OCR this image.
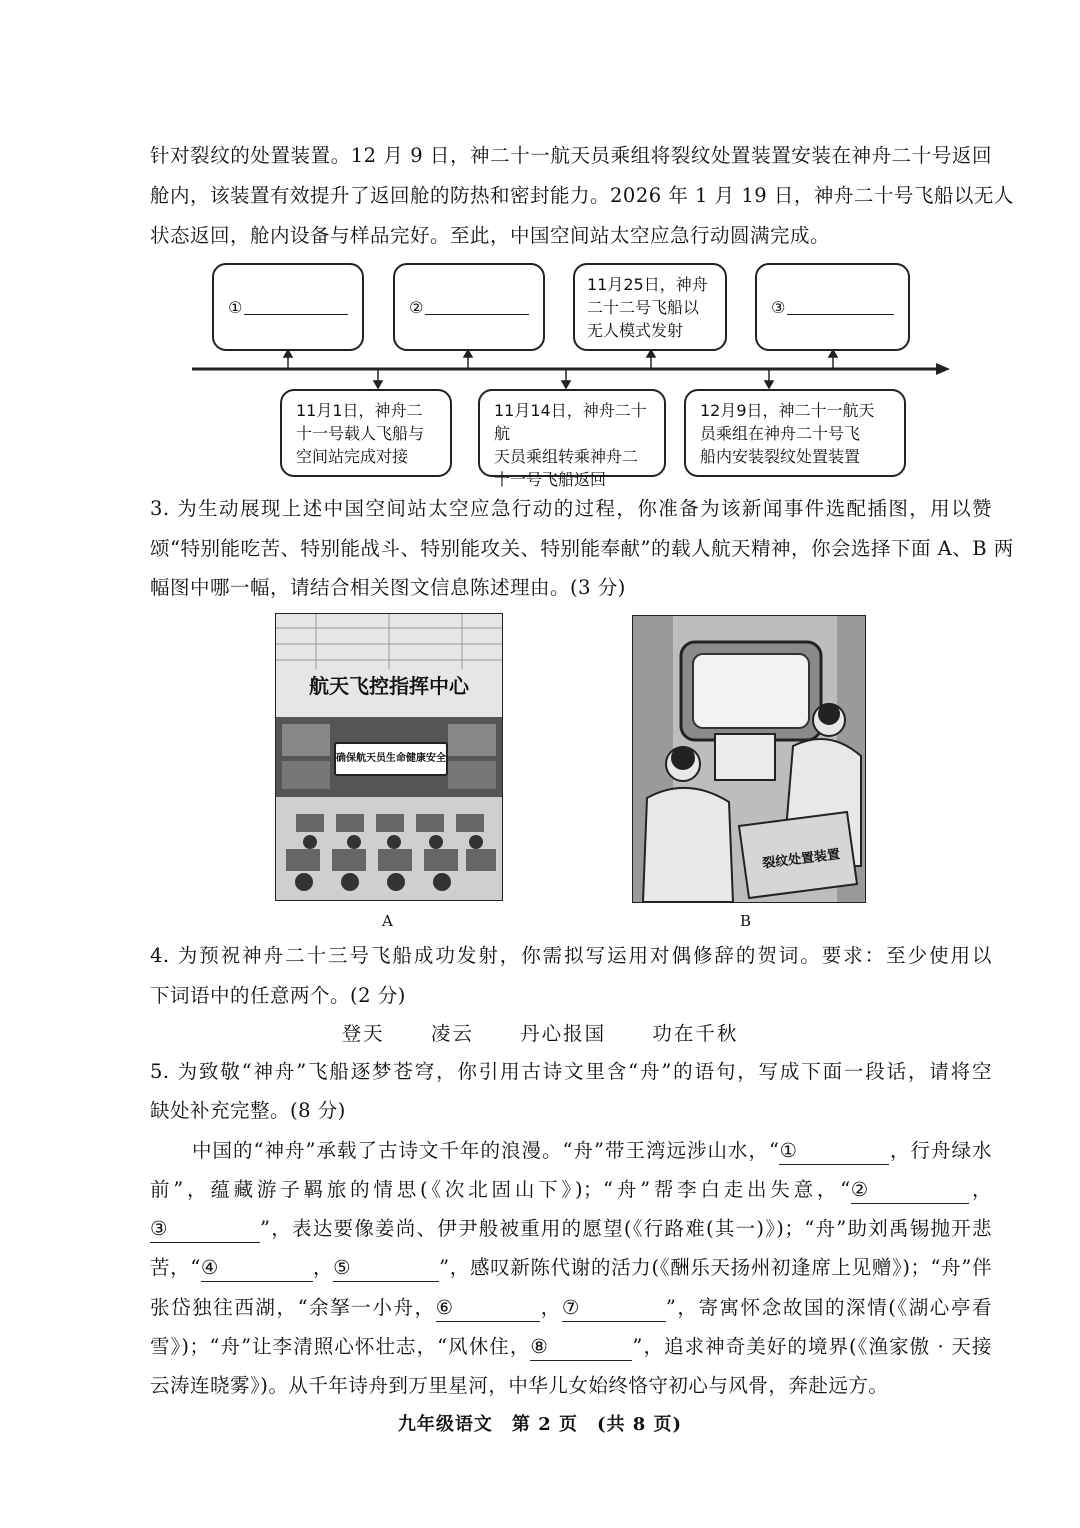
针对裂纹的处置装置。12 月 9 日，神二十一航天员乘组将裂纹处置装置安装在神舟二十号返回
舱内，该装置有效提升了返回舱的防热和密封能力。2026 年 1 月 19 日，神舟二十号飞船以无人
状态返回，舱内设备与样品完好。至此，中国空间站太空应急行动圆满完成。
①	②
11月25日，神舟
二十二号飞船以
无人模式发射
③
11月1日，神舟二
十一号载人飞船与
空间站完成对接
11月14日，神舟二十航
天员乘组转乘神舟二
十一号飞船返回
12月9日，神二十一航天
员乘组在神舟二十号飞
船内安装裂纹处置装置
3. 为生动展现上述中国空间站太空应急行动的过程，你准备为该新闻事件选配插图，用以赞
颂“特别能吃苦、特别能战斗、特别能攻关、特别能奉献”的载人航天精神，你会选择下面 A、B 两
幅图中哪一幅，请结合相关图文信息陈述理由。(3 分)
航天飞控指挥中心
确保航天员生命健康安全
A
裂纹处置装置
B
4. 为预祝神舟二十三号飞船成功发射，你需拟写运用对偶修辞的贺词。要求：至少使用以
下词语中的任意两个。(2 分)
登天 凌云 丹心报国 功在千秋
5. 为致敬“神舟”飞船逐梦苍穹，你引用古诗文里含“舟”的语句，写成下面一段话，请将空
缺处补充完整。(8 分)
中国的“神舟”承载了古诗文千年的浪漫。“舟”带王湾远涉山水，“①	，行舟绿水
前”，蕴藏游子羁旅的情思(《次北固山下》)；“舟”帮李白走出失意，“②	，
③	”，表达要像姜尚、伊尹般被重用的愿望(《行路难(其一)》)；“舟”助刘禹锡抛开悲
苦，“④	，⑤	”，感叹新陈代谢的活力(《酬乐天扬州初逢席上见赠》)；“舟”伴
张岱独往西湖，“余拏一小舟，⑥	，⑦	”，寄寓怀念故国的深情(《湖心亭看
雪》)；“舟”让李清照心怀壮志，“风休住，⑧	”，追求神奇美好的境界(《渔家傲 · 天接
云涛连晓雾》)。从千年诗舟到万里星河，中华儿女始终恪守初心与风骨，奔赴远方。
九年级语文　第 2 页　(共 8 页)
